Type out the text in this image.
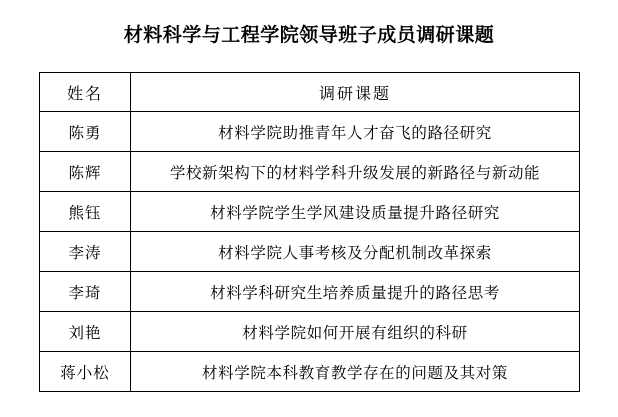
材料科学与工程学院领导班子成员调研课题
姓名	调研课题
陈勇	材料学院助推青年人才奋飞的路径研究
陈辉	学校新架构下的材料学科升级发展的新路径与新动能
熊钰	材料学院学生学风建设质量提升路径研究
李涛	材料学院人事考核及分配机制改革探索
李琦	材料学科研究生培养质量提升的路径思考
刘艳	材料学院如何开展有组织的科研
蒋小松	材料学院本科教育教学存在的问题及其对策
